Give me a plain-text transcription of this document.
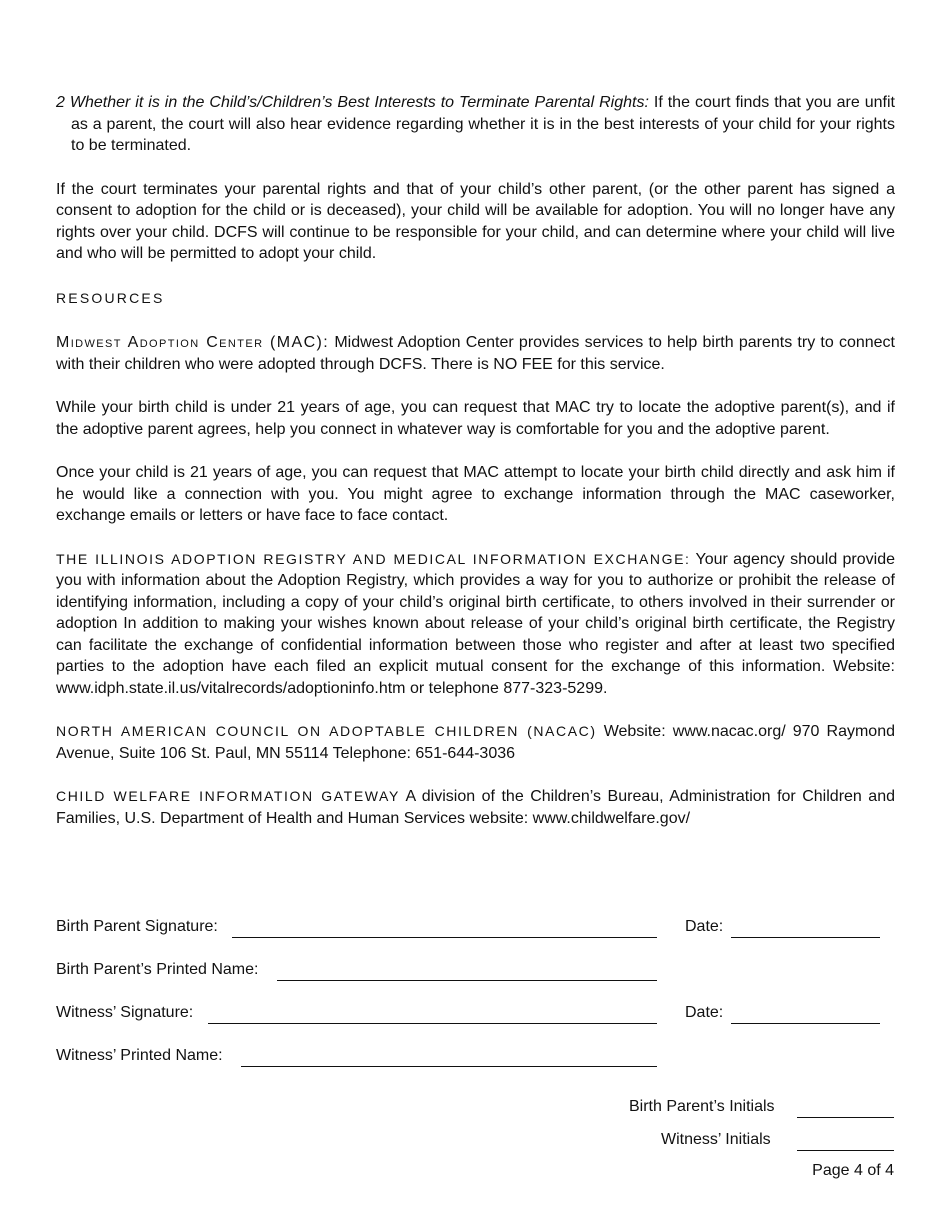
2 Whether it is in the Child’s/Children’s Best Interests to Terminate Parental Rights: If the court finds that you are unfit as a parent, the court will also hear evidence regarding whether it is in the best interests of your child for your rights to be terminated.

If the court terminates your parental rights and that of your child’s other parent, (or the other parent has signed a consent to adoption for the child or is deceased), your child will be available for adoption. You will no longer have any rights over your child. DCFS will continue to be responsible for your child, and can determine where your child will live and who will be permitted to adopt your child.

RESOURCES

Midwest Adoption Center (MAC): Midwest Adoption Center provides services to help birth parents try to connect with their children who were adopted through DCFS. There is NO FEE for this service.

While your birth child is under 21 years of age, you can request that MAC try to locate the adoptive parent(s), and if the adoptive parent agrees, help you connect in whatever way is comfortable for you and the adoptive parent.

Once your child is 21 years of age, you can request that MAC attempt to locate your birth child directly and ask him if he would like a connection with you. You might agree to exchange information through the MAC caseworker, exchange emails or letters or have face to face contact.

THE ILLINOIS ADOPTION REGISTRY AND MEDICAL INFORMATION EXCHANGE: Your agency should provide you with information about the Adoption Registry, which provides a way for you to authorize or prohibit the release of identifying information, including a copy of your child’s original birth certificate, to others involved in their surrender or adoption In addition to making your wishes known about release of your child’s original birth certificate, the Registry can facilitate the exchange of confidential information between those who register and after at least two specified parties to the adoption have each filed an explicit mutual consent for the exchange of this information. Website: www.idph.state.il.us/vitalrecords/adoptioninfo.htm or telephone 877-323-5299.

NORTH AMERICAN COUNCIL ON ADOPTABLE CHILDREN (NACAC) Website: www.nacac.org/ 970 Raymond Avenue, Suite 106 St. Paul, MN 55114 Telephone: 651-644-3036

CHILD WELFARE INFORMATION GATEWAY A division of the Children’s Bureau, Administration for Children and Families, U.S. Department of Health and Human Services website: www.childwelfare.gov/

Birth Parent Signature:	Date:
Birth Parent’s Printed Name:
Witness’ Signature:	Date:
Witness’ Printed Name:
Birth Parent’s Initials
Witness’ Initials
Page 4 of 4
